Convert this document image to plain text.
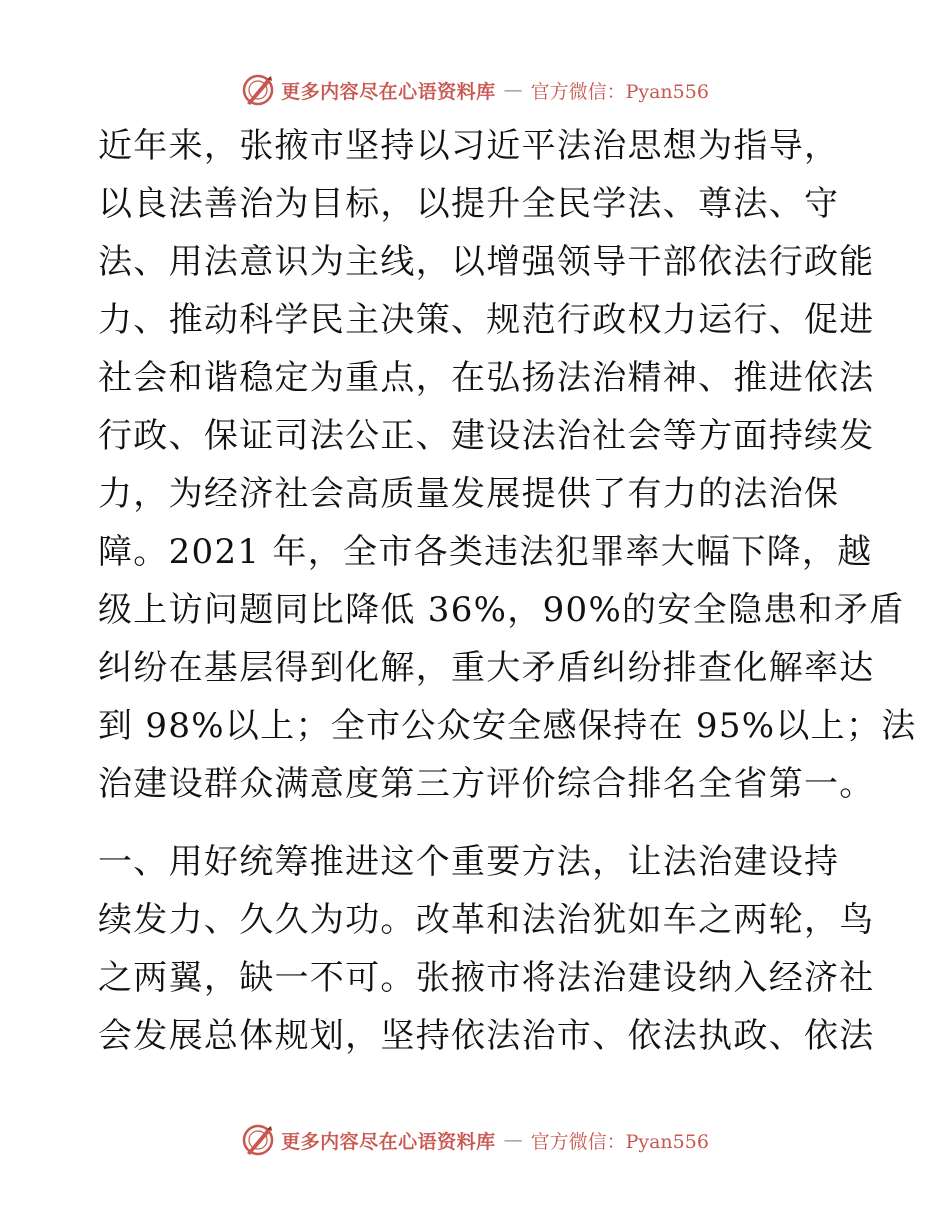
更多内容尽在心语资料库 — 官方微信：Pyan556
近年来，张掖市坚持以习近平法治思想为指导，
以良法善治为目标，以提升全民学法、尊法、守
法、用法意识为主线，以增强领导干部依法行政能
力、推动科学民主决策、规范行政权力运行、促进
社会和谐稳定为重点，在弘扬法治精神、推进依法
行政、保证司法公正、建设法治社会等方面持续发
力，为经济社会高质量发展提供了有力的法治保
障。2021 年，全市各类违法犯罪率大幅下降，越
级上访问题同比降低 36%，90%的安全隐患和矛盾
纠纷在基层得到化解，重大矛盾纠纷排查化解率达
到 98%以上；全市公众安全感保持在 95%以上；法
治建设群众满意度第三方评价综合排名全省第一。
一、用好统筹推进这个重要方法，让法治建设持
续发力、久久为功。改革和法治犹如车之两轮，鸟
之两翼，缺一不可。张掖市将法治建设纳入经济社
会发展总体规划，坚持依法治市、依法执政、依法
更多内容尽在心语资料库 — 官方微信：Pyan556
